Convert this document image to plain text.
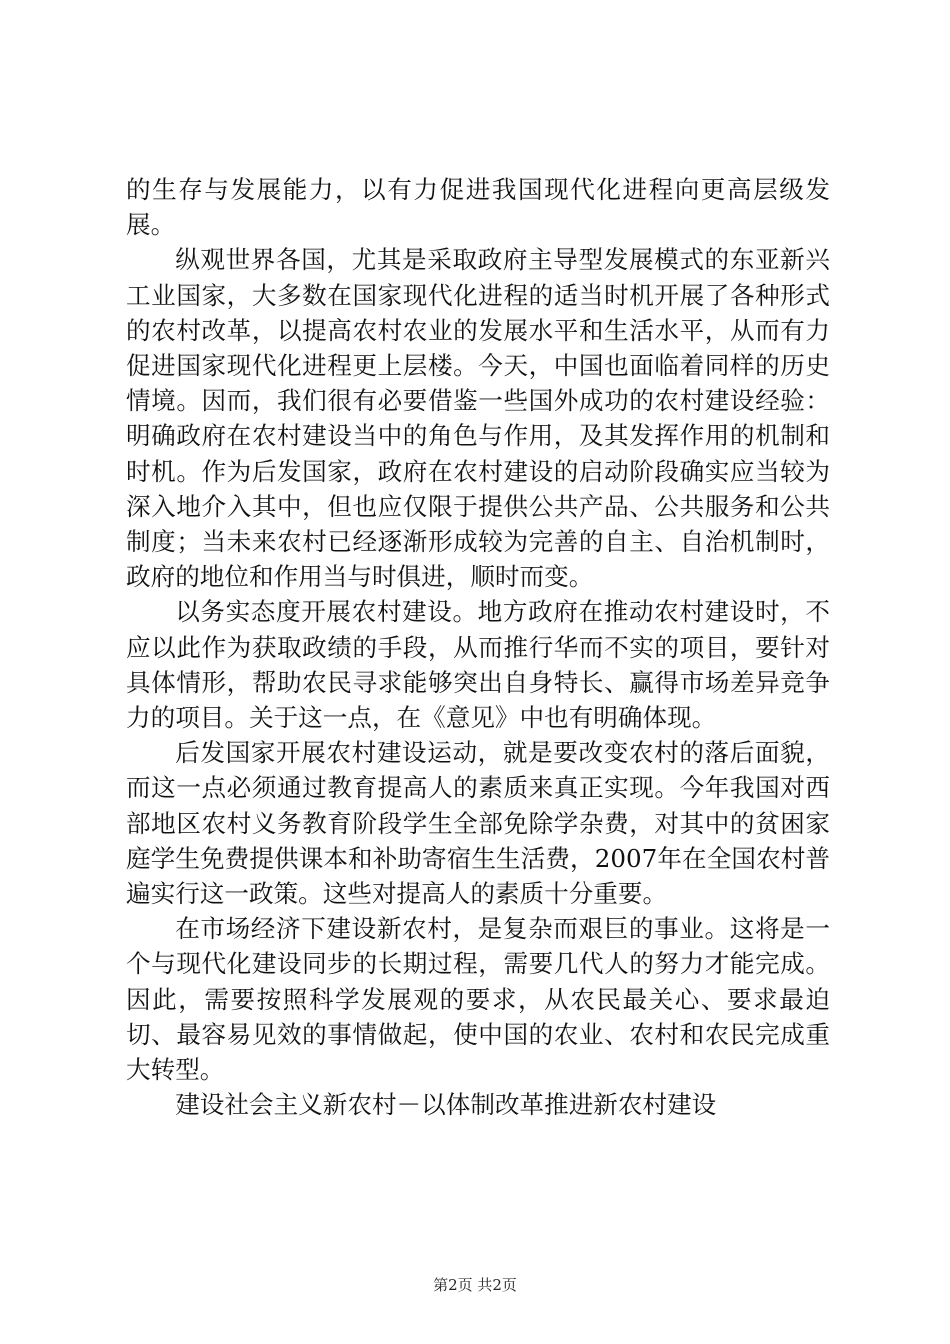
的生存与发展能力，以有力促进我国现代化进程向更高层级发展。

纵观世界各国，尤其是采取政府主导型发展模式的东亚新兴工业国家，大多数在国家现代化进程的适当时机开展了各种形式的农村改革，以提高农村农业的发展水平和生活水平，从而有力促进国家现代化进程更上层楼。今天，中国也面临着同样的历史情境。因而，我们很有必要借鉴一些国外成功的农村建设经验：明确政府在农村建设当中的角色与作用，及其发挥作用的机制和时机。作为后发国家，政府在农村建设的启动阶段确实应当较为深入地介入其中，但也应仅限于提供公共产品、公共服务和公共制度；当未来农村已经逐渐形成较为完善的自主、自治机制时，政府的地位和作用当与时俱进，顺时而变。

以务实态度开展农村建设。地方政府在推动农村建设时，不应以此作为获取政绩的手段，从而推行华而不实的项目，要针对具体情形，帮助农民寻求能够突出自身特长、赢得市场差异竞争力的项目。关于这一点，在《意见》中也有明确体现。

后发国家开展农村建设运动，就是要改变农村的落后面貌，而这一点必须通过教育提高人的素质来真正实现。今年我国对西部地区农村义务教育阶段学生全部免除学杂费，对其中的贫困家庭学生免费提供课本和补助寄宿生生活费，2007年在全国农村普遍实行这一政策。这些对提高人的素质十分重要。

在市场经济下建设新农村，是复杂而艰巨的事业。这将是一个与现代化建设同步的长期过程，需要几代人的努力才能完成。因此，需要按照科学发展观的要求，从农民最关心、要求最迫切、最容易见效的事情做起，使中国的农业、农村和农民完成重大转型。

建设社会主义新农村－以体制改革推进新农村建设

第2页 共2页
